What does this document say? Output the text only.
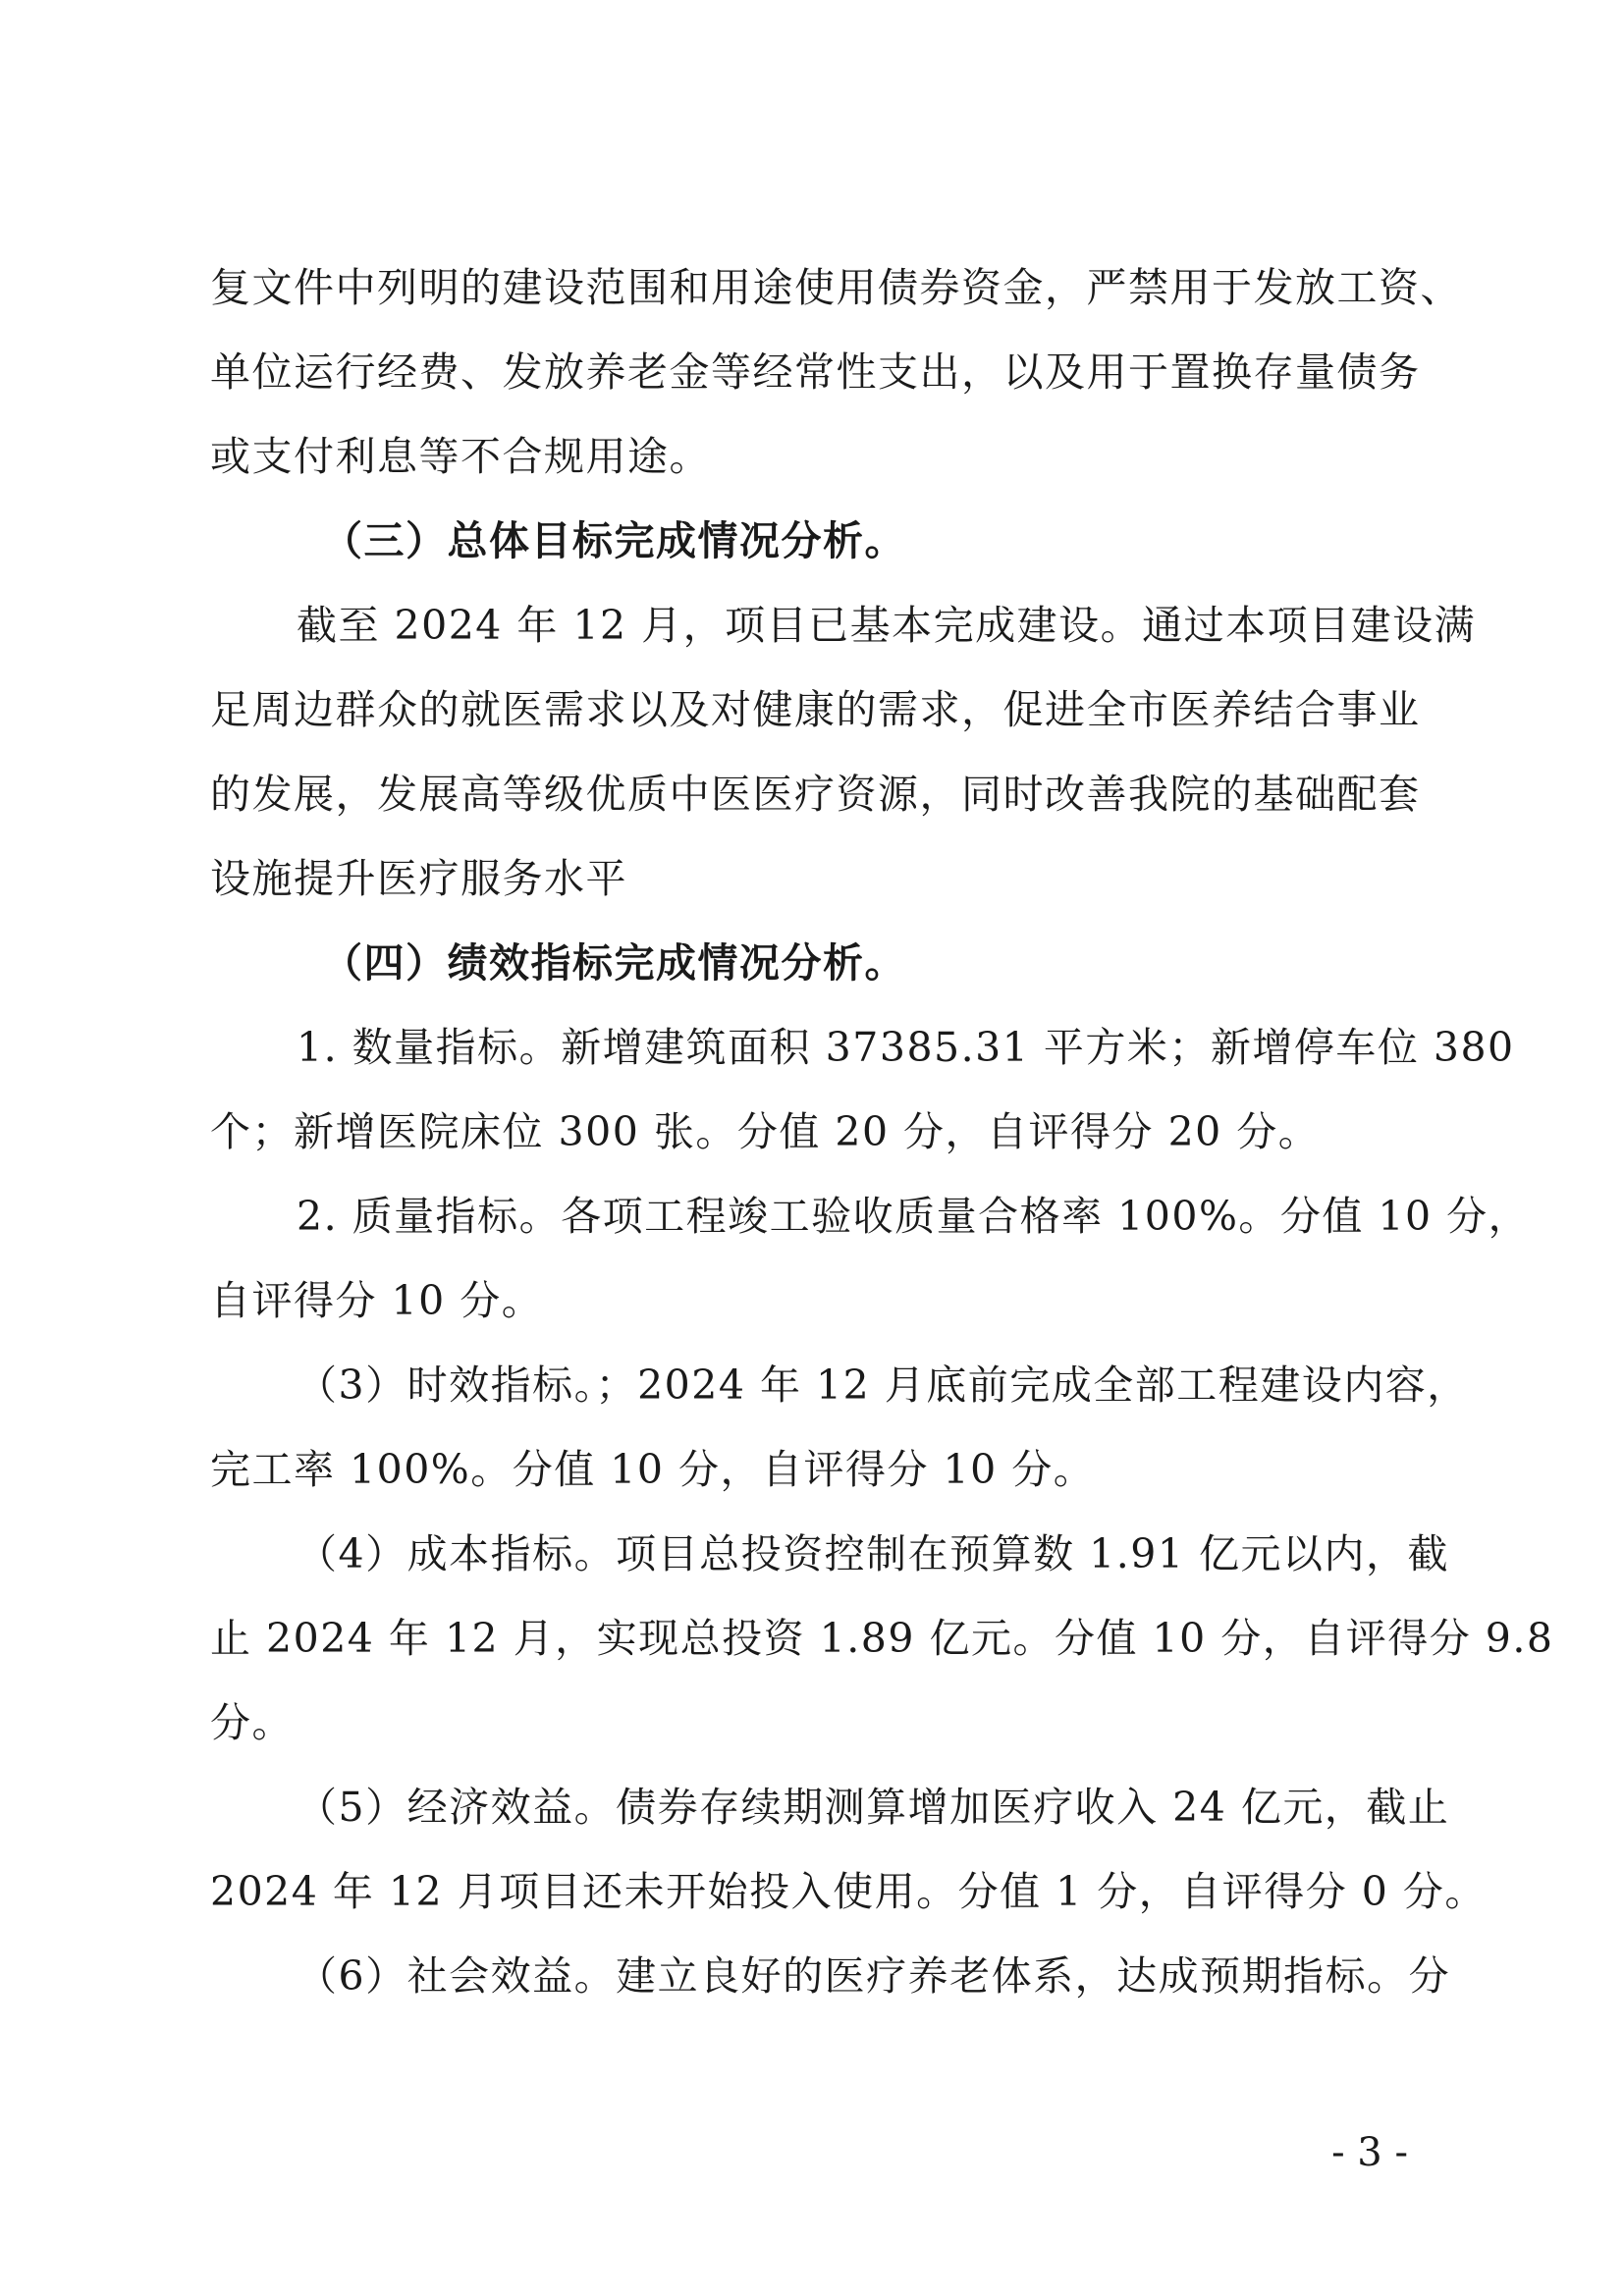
复文件中列明的建设范围和用途使用债券资金，严禁用于发放工资、
单位运行经费、发放养老金等经常性支出，以及用于置换存量债务
或支付利息等不合规用途。
（三）总体目标完成情况分析。
截至 2024 年 12 月，项目已基本完成建设。通过本项目建设满
足周边群众的就医需求以及对健康的需求，促进全市医养结合事业
的发展，发展高等级优质中医医疗资源，同时改善我院的基础配套
设施提升医疗服务水平
（四）绩效指标完成情况分析。
1. 数量指标。新增建筑面积 37385.31 平方米；新增停车位 380
个；新增医院床位 300 张。分值 20 分，自评得分 20 分。
2. 质量指标。各项工程竣工验收质量合格率 100%。分值 10 分，
自评得分 10 分。
（3）时效指标。；2024 年 12 月底前完成全部工程建设内容，
完工率 100%。分值 10 分，自评得分 10 分。
（4）成本指标。项目总投资控制在预算数 1.91 亿元以内，截
止 2024 年 12 月，实现总投资 1.89 亿元。分值 10 分，自评得分 9.8
分。
（5）经济效益。债券存续期测算增加医疗收入 24 亿元，截止
2024 年 12 月项目还未开始投入使用。分值 1 分，自评得分 0 分。
（6）社会效益。建立良好的医疗养老体系，达成预期指标。分
- 3 -
